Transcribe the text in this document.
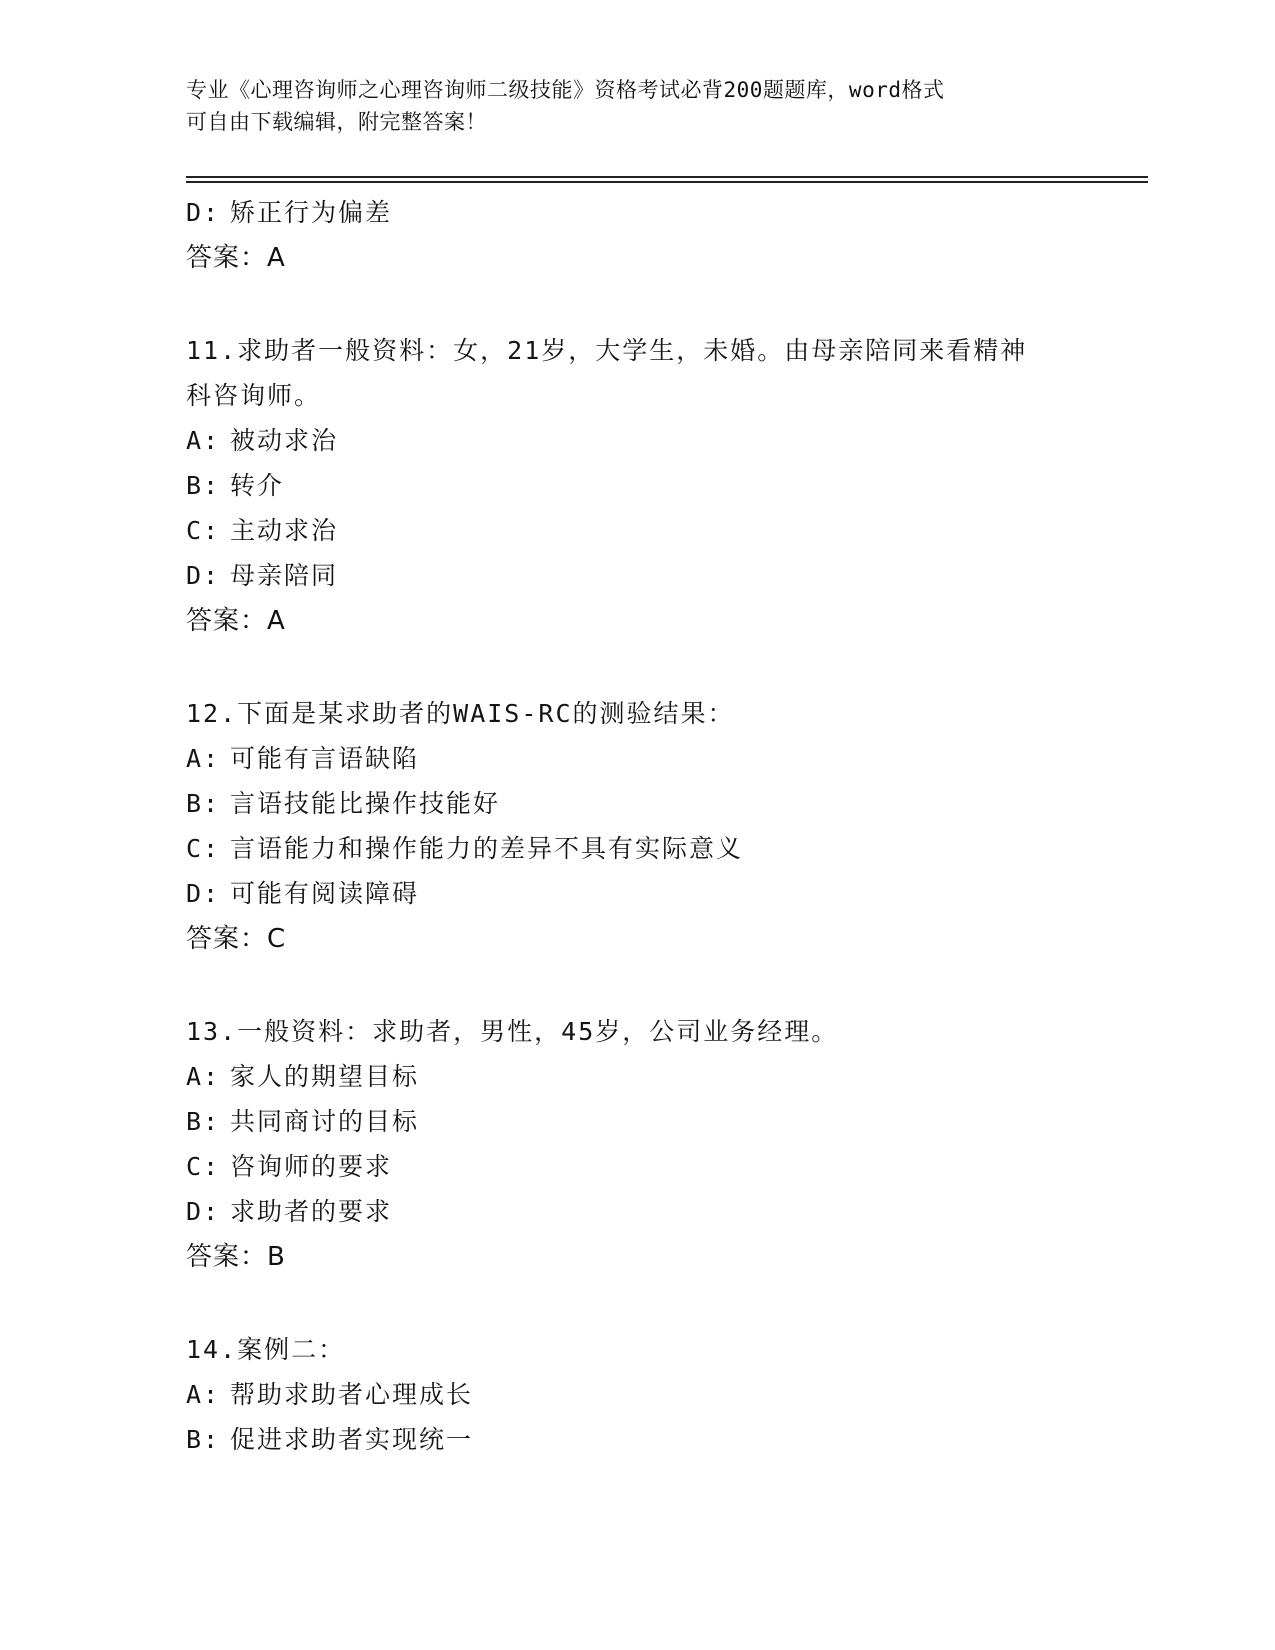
专业《心理咨询师之心理咨询师二级技能》资格考试必背200题题库，word格式
可自由下载编辑，附完整答案！
D: 矫正行为偏差
答案：A
11.求助者一般资料：女，21岁，大学生，未婚。由母亲陪同来看精神
科咨询师。
A: 被动求治
B: 转介
C: 主动求治
D: 母亲陪同
答案：A
12.下面是某求助者的WAIS-RC的测验结果：
A: 可能有言语缺陷
B: 言语技能比操作技能好
C: 言语能力和操作能力的差异不具有实际意义
D: 可能有阅读障碍
答案：C
13.一般资料：求助者，男性，45岁，公司业务经理。
A: 家人的期望目标
B: 共同商讨的目标
C: 咨询师的要求
D: 求助者的要求
答案：B
14.案例二：
A: 帮助求助者心理成长
B: 促进求助者实现统一
